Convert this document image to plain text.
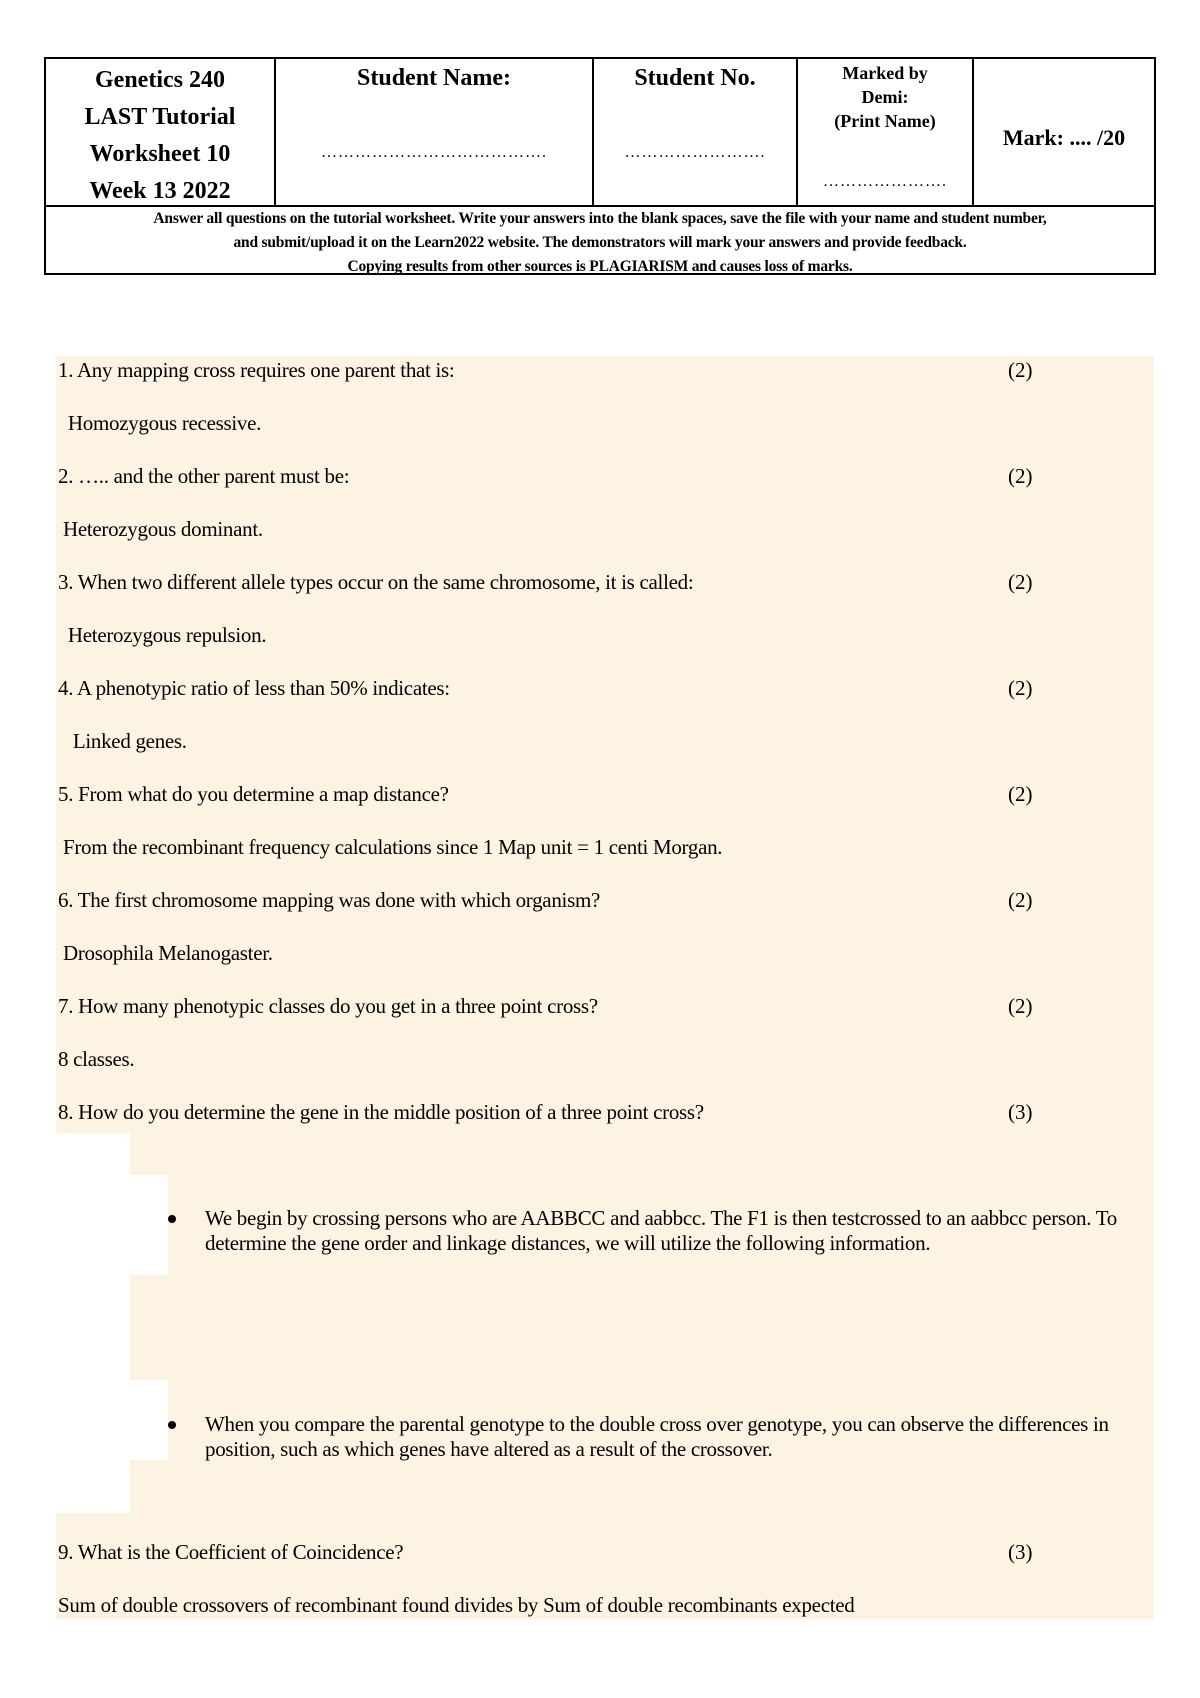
Genetics 240
LAST Tutorial
Worksheet 10
Week 13 2022
Student Name:
………………………………….
Student No.
…………………….
Marked by
Demi:
(Print Name)
………………….
Mark: .... /20
Answer all questions on the tutorial worksheet. Write your answers into the blank spaces, save the file with your name and student number,
and submit/upload it on the Learn2022 website. The demonstrators will mark your answers and provide feedback.
Copying results from other sources is PLAGIARISM and causes loss of marks.
1. Any mapping cross requires one parent that is:	(2)
Homozygous recessive.
2. ….. and the other parent must be:	(2)
Heterozygous dominant.
3. When two different allele types occur on the same chromosome, it is called:	(2)
Heterozygous repulsion.
4. A phenotypic ratio of less than 50% indicates:	(2)
Linked genes.
5. From what do you determine a map distance?	(2)
From the recombinant frequency calculations since 1 Map unit = 1 centi Morgan.
6. The first chromosome mapping was done with which organism?	(2)
Drosophila Melanogaster.
7. How many phenotypic classes do you get in a three point cross?	(2)
8 classes.
8. How do you determine the gene in the middle position of a three point cross?	(3)
We begin by crossing persons who are AABBCC and aabbcc. The F1 is then testcrossed to an aabbcc person. To determine the gene order and linkage distances, we will utilize the following information.
When you compare the parental genotype to the double cross over genotype, you can observe the differences in position, such as which genes have altered as a result of the crossover.
9. What is the Coefficient of Coincidence?	(3)
Sum of double crossovers of recombinant found divides by Sum of double recombinants expected
